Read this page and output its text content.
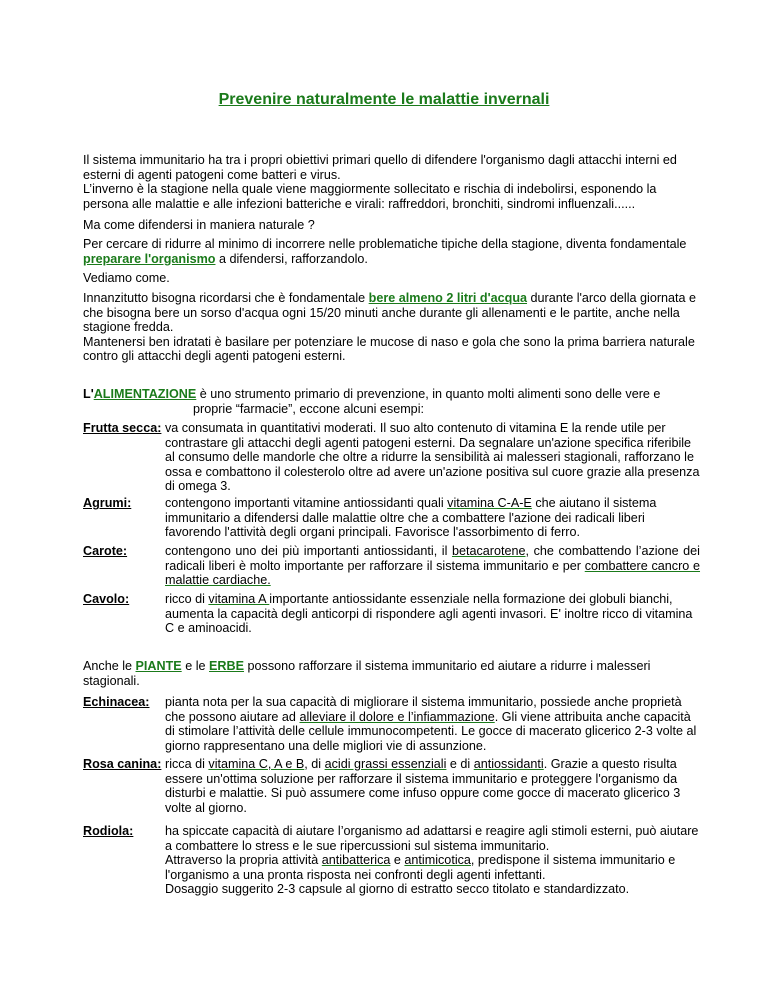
Prevenire naturalmente le malattie invernali

Il sistema immunitario ha tra i propri obiettivi primari quello di difendere l'organismo dagli attacchi interni ed esterni di agenti patogeni come batteri e virus.

L’inverno è la stagione nella quale viene maggiormente sollecitato e rischia di indebolirsi, esponendo la persona alle malattie e alle infezioni batteriche e virali: raffreddori, bronchiti, sindromi influenzali......

Ma come difendersi in maniera naturale ?

Per cercare di ridurre al minimo di incorrere nelle problematiche tipiche della stagione, diventa fondamentale preparare l'organismo a difendersi, rafforzandolo.

Vediamo come.

Innanzitutto bisogna ricordarsi che è fondamentale bere almeno 2 litri d'acqua durante l'arco della giornata e che bisogna bere un sorso d'acqua ogni 15/20 minuti anche durante gli allenamenti e le partite, anche nella stagione fredda.

Mantenersi ben idratati è basilare per potenziare le mucose di naso e gola che sono la prima barriera naturale contro gli attacchi degli agenti patogeni esterni.

L'ALIMENTAZIONE è uno strumento primario di prevenzione, in quanto molti alimenti sono delle vere e
proprie “farmacie”, eccone alcuni esempi:
Frutta secca: va consumata in quantitativi moderati. Il suo alto contenuto di vitamina E la rende utile per contrastare gli attacchi degli agenti patogeni esterni. Da segnalare un'azione specifica riferibile al consumo delle mandorle che oltre a ridurre la sensibilità ai malesseri stagionali, rafforzano le ossa e combattono il colesterolo oltre ad avere un'azione positiva sul cuore grazie alla presenza di omega 3.
Agrumi:	contengono importanti vitamine antiossidanti quali vitamina C-A-E che aiutano il sistema immunitario a difendersi dalle malattie oltre che a combattere l'azione dei radicali liberi favorendo l'attività degli organi principali. Favorisce l'assorbimento di ferro.
Carote:	contengono uno dei più importanti antiossidanti, il betacarotene, che combattendo l’azione dei radicali liberi è molto importante per rafforzare il sistema immunitario e per combattere cancro e malattie cardiache.
Cavolo:	ricco di vitamina A importante antiossidante essenziale nella formazione dei globuli bianchi, aumenta la capacità degli anticorpi di rispondere agli agenti invasori. E' inoltre ricco di vitamina C e aminoacidi.

Anche le PIANTE e le ERBE possono rafforzare il sistema immunitario ed aiutare a ridurre i malesseri stagionali.

Echinacea: pianta nota per la sua capacità di migliorare il sistema immunitario, possiede anche proprietà che possono aiutare ad alleviare il dolore e l’infiammazione. Gli viene attribuita anche capacità di stimolare l’attività delle cellule immunocompetenti. Le gocce di macerato glicerico 2-3 volte al giorno rappresentano una delle migliori vie di assunzione.
Rosa canina: ricca di vitamina C, A e B, di acidi grassi essenziali e di antiossidanti. Grazie a questo risulta essere un'ottima soluzione per rafforzare il sistema immunitario e proteggere l'organismo da disturbi e malattie. Si può assumere come infuso oppure come gocce di macerato glicerico 3 volte al giorno.
Rodiola:	ha spiccate capacità di aiutare l’organismo ad adattarsi e reagire agli stimoli esterni, può aiutare a combattere lo stress e le sue ripercussioni sul sistema immunitario.
Attraverso la propria attività antibatterica e antimicotica, predispone il sistema immunitario e l'organismo a una pronta risposta nei confronti degli agenti infettanti.
Dosaggio suggerito 2-3 capsule al giorno di estratto secco titolato e standardizzato.
